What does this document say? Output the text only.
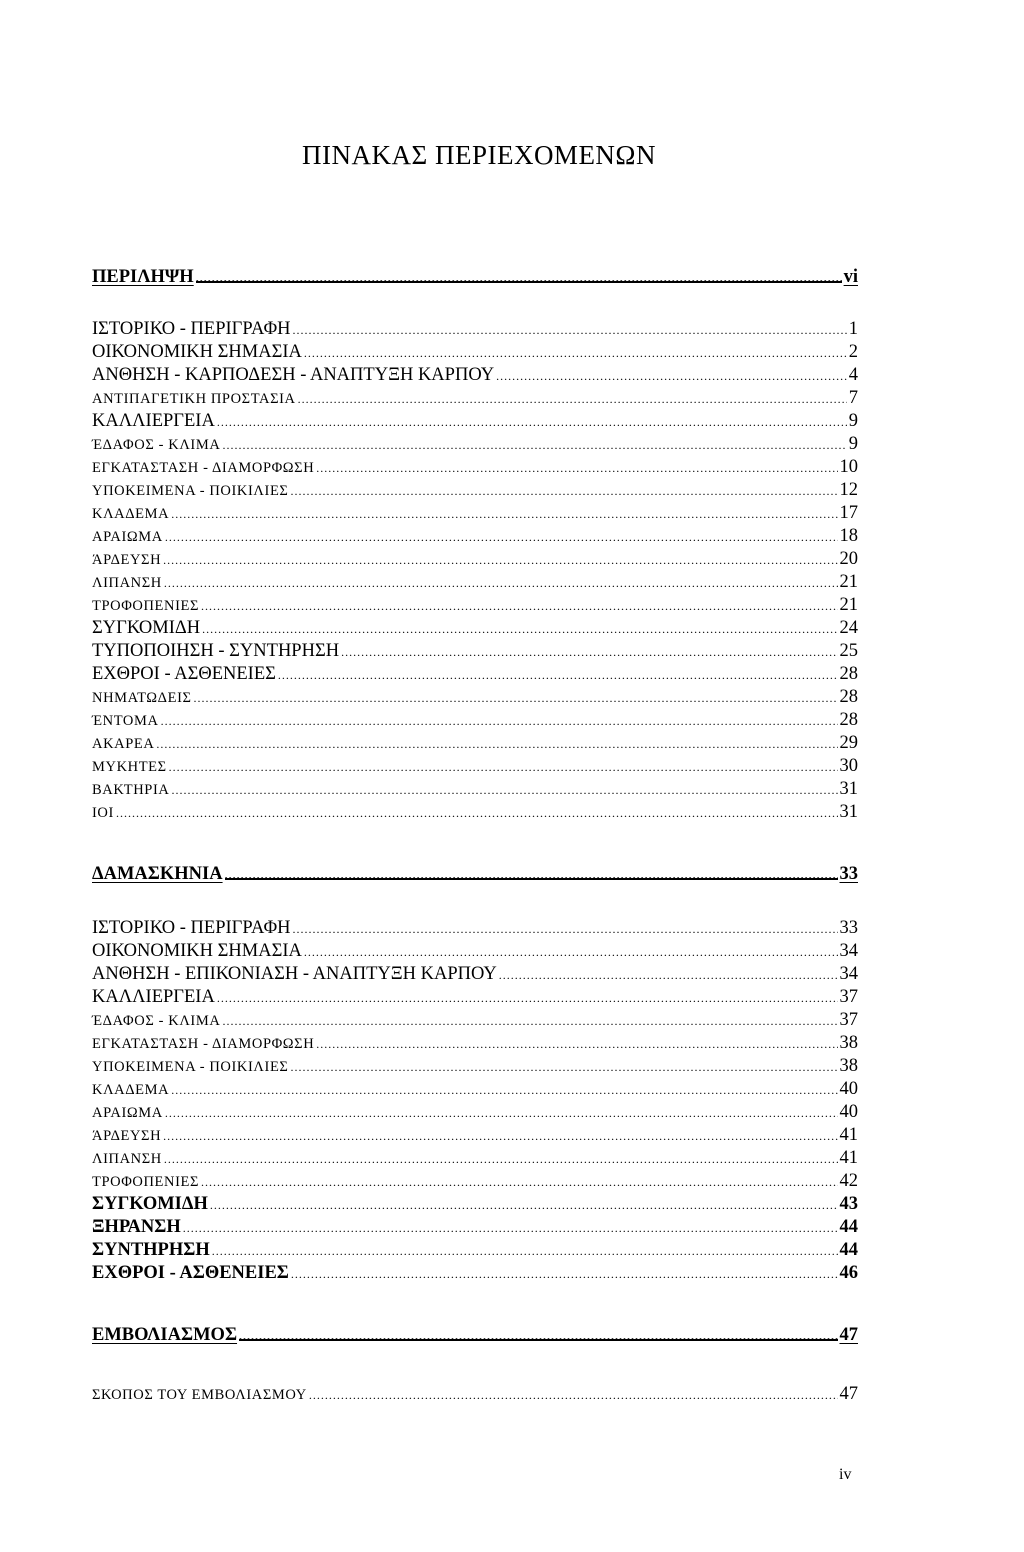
ΠΙΝΑΚΑΣ ΠΕΡΙΕΧΟΜΕΝΩΝ
ΠΕΡΙΛΗΨΗ .....	vi
ΙΣΤΟΡΙΚΟ - ΠΕΡΙΓΡΑΦΗ .....	1
ΟΙΚΟΝΟΜΙΚΗ ΣΗΜΑΣΙΑ .....	2
ΑΝΘΗΣΗ - ΚΑΡΠΟΔΕΣΗ - ΑΝΑΠΤΥΞΗ ΚΑΡΠΟΥ .....	4
ΑΝΤΙΠΑΓΕΤΙΚΗ ΠΡΟΣΤΑΣΙΑ .....	7
ΚΑΛΛΙΕΡΓΕΙΑ .....	9
ΈΔΑΦΟΣ - ΚΛΙΜΑ .....	9
ΕΓΚΑΤΑΣΤΑΣΗ - ΔΙΑΜΟΡΦΩΣΗ .....	10
ΥΠΟΚΕΙΜΕΝΑ - ΠΟΙΚΙΛΙΕΣ .....	12
ΚΛΑΔΕΜΑ .....	17
ΑΡΑΙΩΜΑ .....	18
ΆΡΔΕΥΣΗ .....	20
ΛΙΠΑΝΣΗ .....	21
ΤΡΟΦΟΠΕΝΙΕΣ .....	21
ΣΥΓΚΟΜΙΔΗ .....	24
ΤΥΠΟΠΟΙΗΣΗ - ΣΥΝΤΗΡΗΣΗ .....	25
ΕΧΘΡΟΙ - ΑΣΘΕΝΕΙΕΣ .....	28
ΝΗΜΑΤΩΔΕΙΣ .....	28
ΈΝΤΟΜΑ .....	28
ΑΚΑΡΕΑ .....	29
ΜΥΚΗΤΕΣ .....	30
ΒΑΚΤΗΡΙΑ .....	31
ΙΟΙ .....	31
ΔΑΜΑΣΚΗΝΙΑ .....	33
ΙΣΤΟΡΙΚΟ - ΠΕΡΙΓΡΑΦΗ .....	33
ΟΙΚΟΝΟΜΙΚΗ ΣΗΜΑΣΙΑ .....	34
ΑΝΘΗΣΗ - ΕΠΙΚΟΝΙΑΣΗ - ΑΝΑΠΤΥΞΗ ΚΑΡΠΟΥ .....	34
ΚΑΛΛΙΕΡΓΕΙΑ .....	37
ΈΔΑΦΟΣ - ΚΛΙΜΑ .....	37
ΕΓΚΑΤΑΣΤΑΣΗ - ΔΙΑΜΟΡΦΩΣΗ .....	38
ΥΠΟΚΕΙΜΕΝΑ - ΠΟΙΚΙΛΙΕΣ .....	38
ΚΛΑΔΕΜΑ .....	40
ΑΡΑΙΩΜΑ .....	40
ΆΡΔΕΥΣΗ .....	41
ΛΙΠΑΝΣΗ .....	41
ΤΡΟΦΟΠΕΝΙΕΣ .....	42
ΣΥΓΚΟΜΙΔΗ .....	43
ΞΗΡΑΝΣΗ .....	44
ΣΥΝΤΗΡΗΣΗ .....	44
ΕΧΘΡΟΙ - ΑΣΘΕΝΕΙΕΣ .....	46
ΕΜΒΟΛΙΑΣΜΟΣ .....	47
ΣΚΟΠΟΣ ΤΟΥ ΕΜΒΟΛΙΑΣΜΟΥ .....	47
iv
